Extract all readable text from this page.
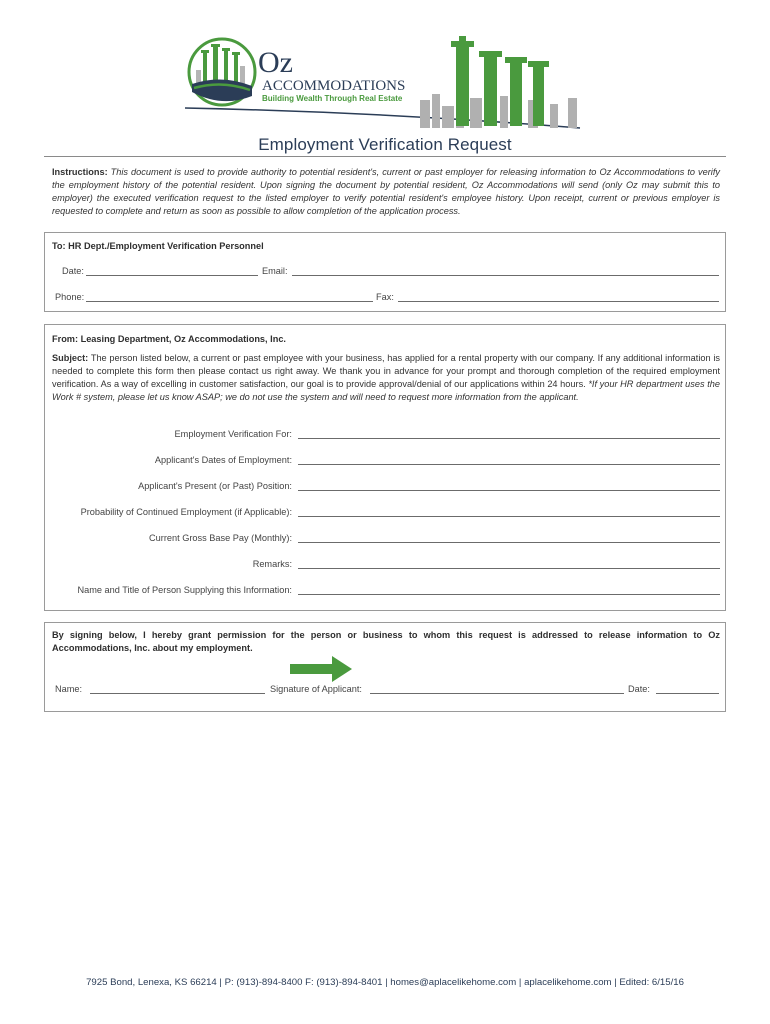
Oz
ACCOMMODATIONS
Building Wealth Through Real Estate
Employment Verification Request
Instructions: This document is used to provide authority to potential resident's, current or past employer for releasing information to Oz Accommodations to verify the employment history of the potential resident. Upon signing the document by potential resident, Oz Accommodations will send (only Oz may submit this to employer) the executed verification request to the listed employer to verify potential resident's employee history. Upon receipt, current or previous employer is requested to complete and return as soon as possible to allow completion of the application process.
To: HR Dept./Employment Verification Personnel
Date:	Email:
Phone:	Fax:
From: Leasing Department, Oz Accommodations, Inc.
Subject: The person listed below, a current or past employee with your business, has applied for a rental property with our company. If any additional information is needed to complete this form then please contact us right away. We thank you in advance for your prompt and thorough completion of the required employment verification. As a way of excelling in customer satisfaction, our goal is to provide approval/denial of our applications within 24 hours. *If your HR department uses the Work # system, please let us know ASAP; we do not use the system and will need to request more information from the applicant.
Employment Verification For:
Applicant's Dates of Employment:
Applicant's Present (or Past) Position:
Probability of Continued Employment (if Applicable):
Current Gross Base Pay (Monthly):
Remarks:
Name and Title of Person Supplying this Information:
By signing below, I hereby grant permission for the person or business to whom this request is addressed to release information to Oz Accommodations, Inc. about my employment.
Name:	Signature of Applicant:	Date:
7925 Bond, Lenexa, KS 66214 | P: (913)-894-8400 F: (913)-894-8401 | homes@aplacelikehome.com | aplacelikehome.com | Edited: 6/15/16
